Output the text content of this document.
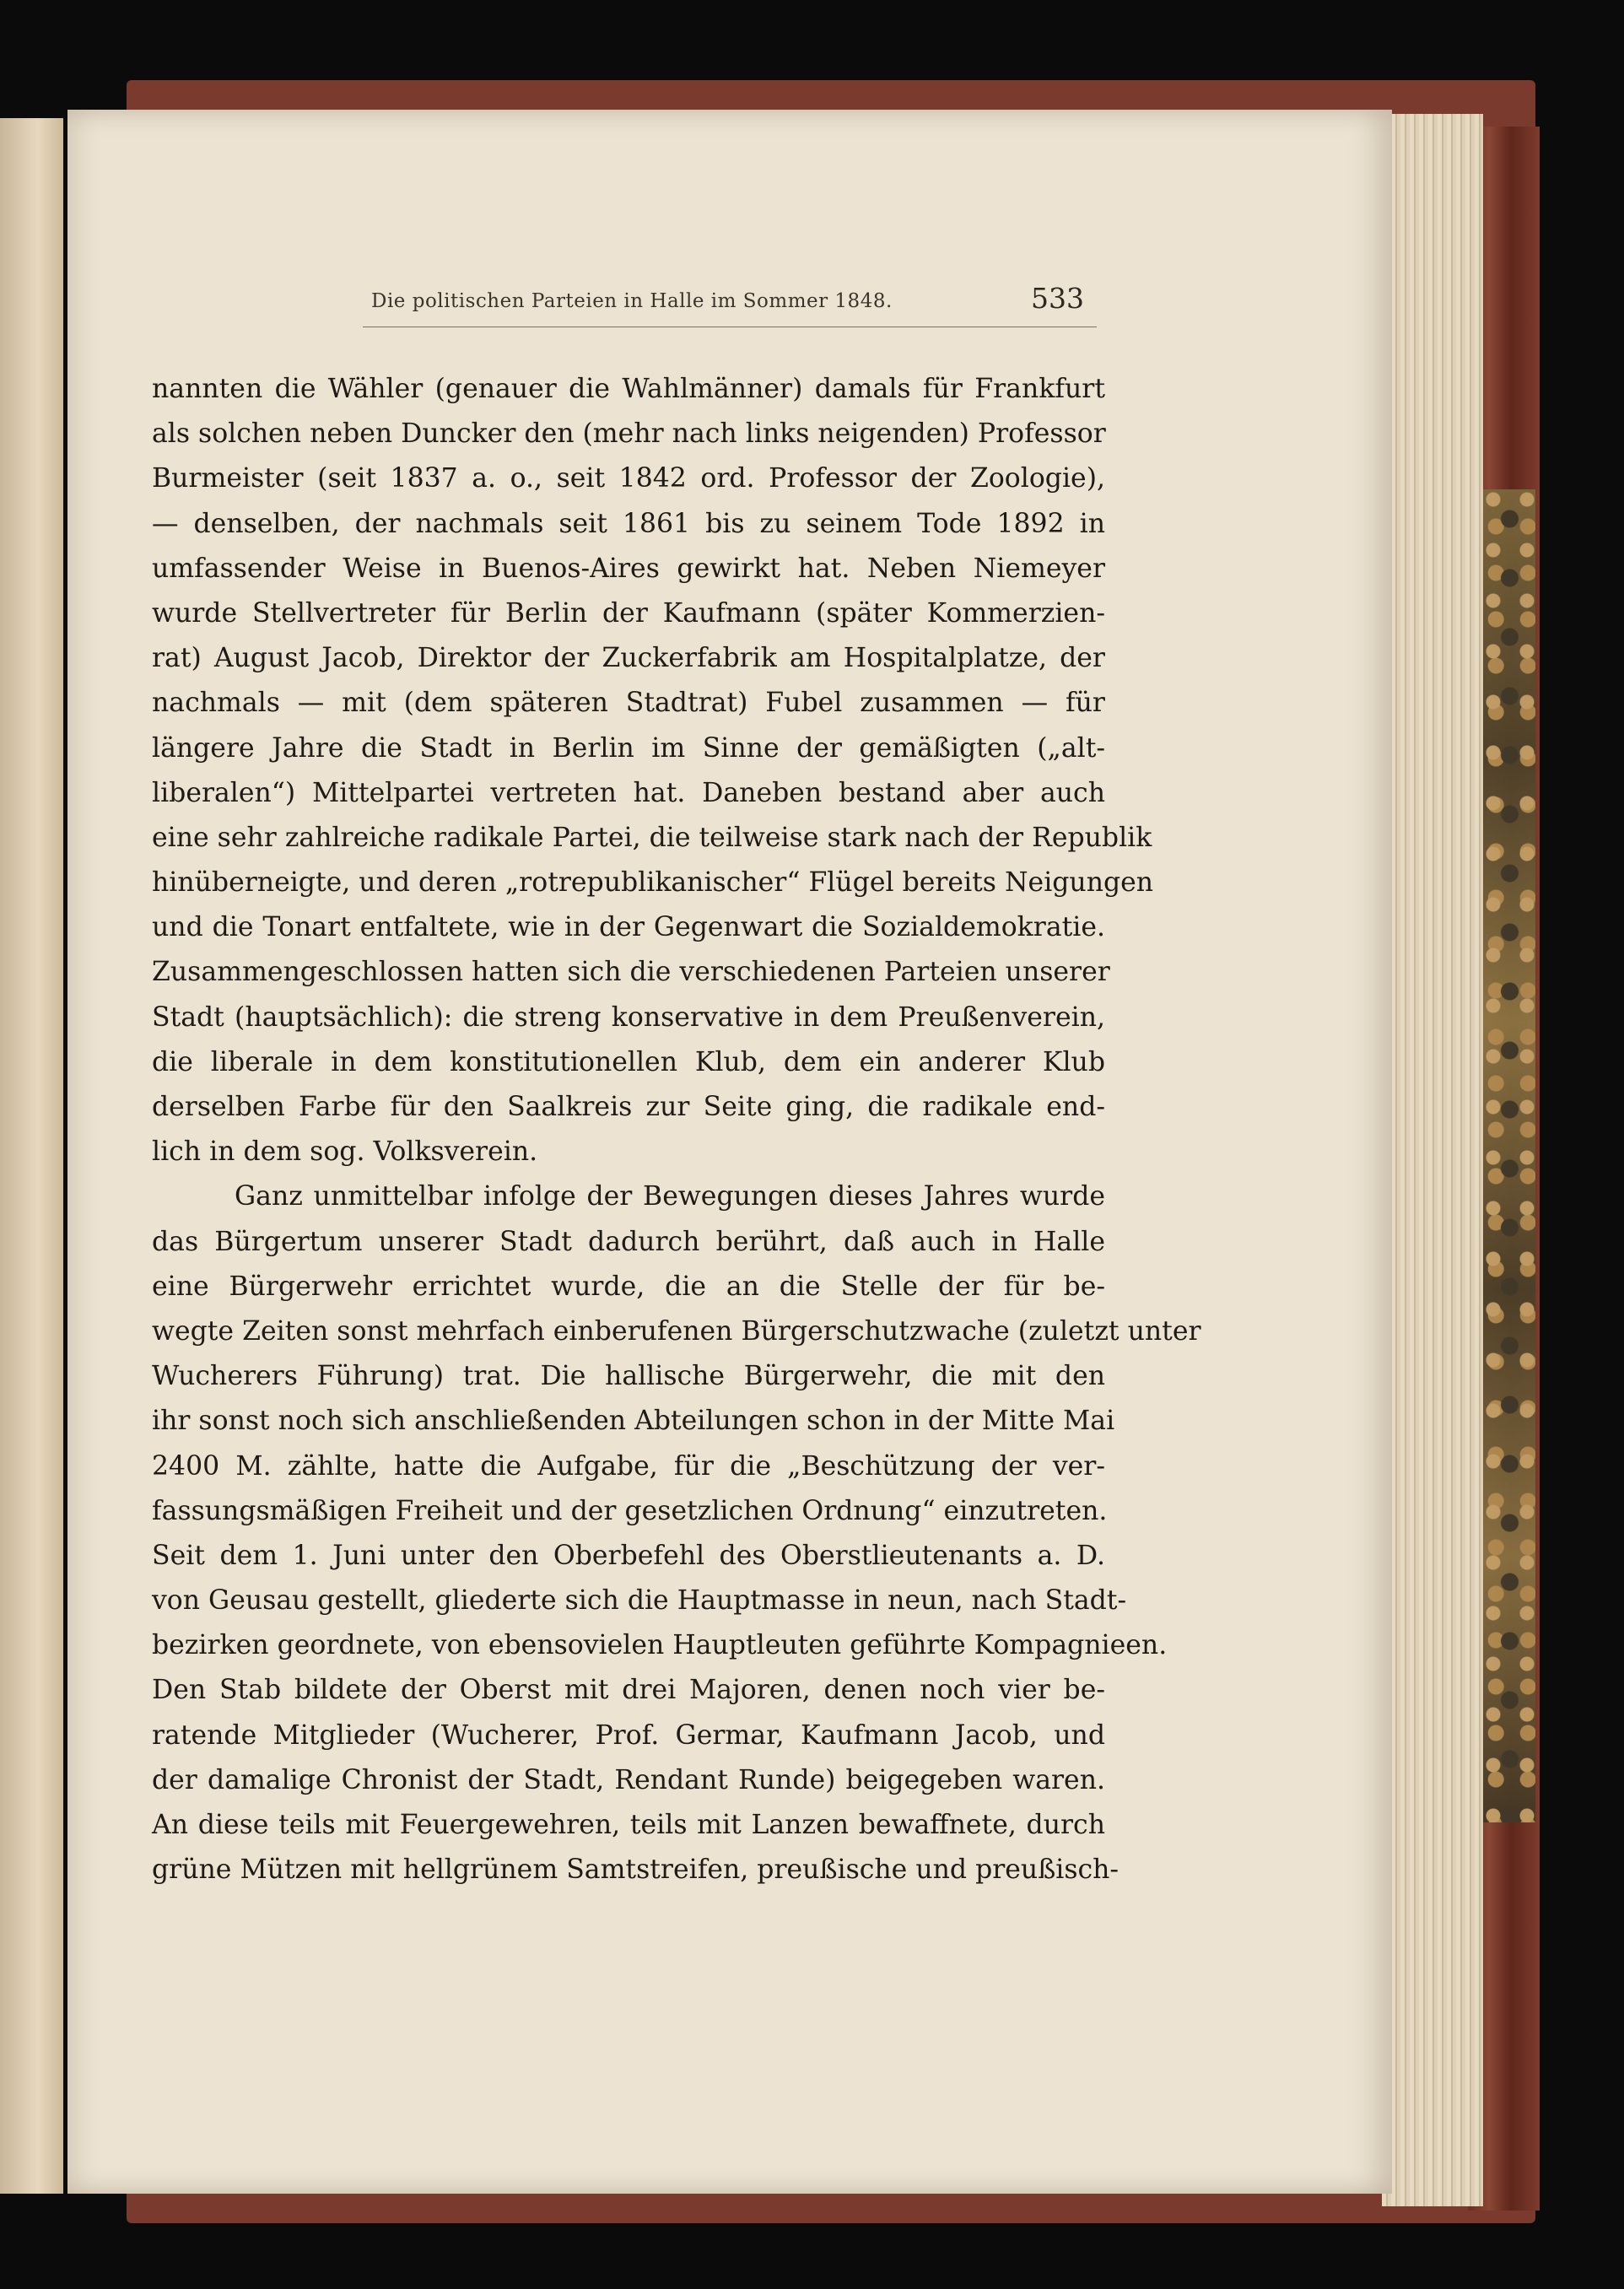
Die politischen Parteien in Halle im Sommer 1848.	533
nannten die Wähler (genauer die Wahlmänner) damals für Frankfurt
als solchen neben Duncker den (mehr nach links neigenden) Professor
Burmeister (seit 1837 a. o., seit 1842 ord. Professor der Zoologie),
— denselben, der nachmals seit 1861 bis zu seinem Tode 1892 in
umfassender Weise in Buenos-Aires gewirkt hat. Neben Niemeyer
wurde Stellvertreter für Berlin der Kaufmann (später Kommerzien-
rat) August Jacob, Direktor der Zuckerfabrik am Hospitalplatze, der
nachmals — mit (dem späteren Stadtrat) Fubel zusammen — für
längere Jahre die Stadt in Berlin im Sinne der gemäßigten („alt-
liberalen“) Mittelpartei vertreten hat. Daneben bestand aber auch
eine sehr zahlreiche radikale Partei, die teilweise stark nach der Republik
hinüberneigte, und deren „rotrepublikanischer“ Flügel bereits Neigungen
und die Tonart entfaltete, wie in der Gegenwart die Sozialdemokratie.
Zusammengeschlossen hatten sich die verschiedenen Parteien unserer
Stadt (hauptsächlich): die streng konservative in dem Preußenverein,
die liberale in dem konstitutionellen Klub, dem ein anderer Klub
derselben Farbe für den Saalkreis zur Seite ging, die radikale end-
lich in dem sog. Volksverein.
Ganz unmittelbar infolge der Bewegungen dieses Jahres wurde
das Bürgertum unserer Stadt dadurch berührt, daß auch in Halle
eine Bürgerwehr errichtet wurde, die an die Stelle der für be-
wegte Zeiten sonst mehrfach einberufenen Bürgerschutzwache (zuletzt unter
Wucherers Führung) trat. Die hallische Bürgerwehr, die mit den
ihr sonst noch sich anschließenden Abteilungen schon in der Mitte Mai
2400 M. zählte, hatte die Aufgabe, für die „Beschützung der ver-
fassungsmäßigen Freiheit und der gesetzlichen Ordnung“ einzutreten.
Seit dem 1. Juni unter den Oberbefehl des Oberstlieutenants a. D.
von Geusau gestellt, gliederte sich die Hauptmasse in neun, nach Stadt-
bezirken geordnete, von ebensovielen Hauptleuten geführte Kompagnieen.
Den Stab bildete der Oberst mit drei Majoren, denen noch vier be-
ratende Mitglieder (Wucherer, Prof. Germar, Kaufmann Jacob, und
der damalige Chronist der Stadt, Rendant Runde) beigegeben waren.
An diese teils mit Feuergewehren, teils mit Lanzen bewaffnete, durch
grüne Mützen mit hellgrünem Samtstreifen, preußische und preußisch-
